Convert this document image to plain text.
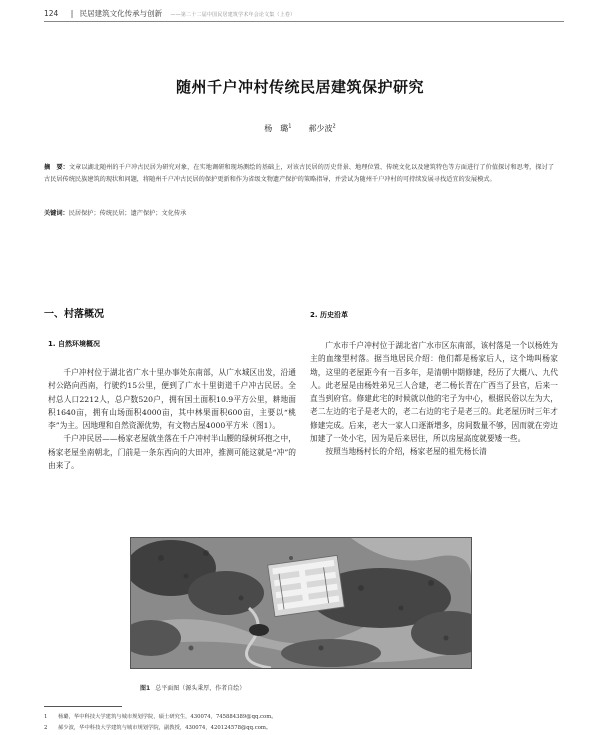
124 | 民居建筑文化传承与创新 ——第二十二届中国民居建筑学术年会论文集（上卷）
随州千户冲村传统民居建筑保护研究
杨　璐$^1$ 郝少波$^2$
摘　要：文章以湖北随州的千户冲古民居为研究对象，在实地调研和现场测绘的基础上，对该古民居的历史背景、地理位置、传统文化以及建筑特色等方面进行了价值探讨和思考，探讨了古民居传统民族建筑的现状和问题，将随州千户冲古民居的保护更新和作为省级文物遗产保护的策略指导，并尝试为随州千户冲村的可持续发展寻找适宜的发展模式。
关键词：民居保护；传统民居；遗产保护；文化传承
一、村落概况
1. 自然环境概况

千户冲村位于湖北省广水十里办事处东南部，从广水城区出发，沿通村公路向西南，行驶约15公里，便到了广水十里街道千户冲古民居。全村总人口2212人，总户数520户，拥有国土面积10.9平方公里，耕地面积1640亩，拥有山场面积4000亩，其中林果面积600亩，主要以“桃李”为主。因地理和自然资源优势，有文物古屋4000平方米（图1）。

千户冲民居——杨家老屋就坐落在千户冲村半山腰的绿树环抱之中，杨家老屋坐南朝北，门前是一条东西向的大田冲，推测可能这就是“冲”的由来了。

2. 历史沿革

广水市千户冲村位于湖北省广水市区东南部，该村落是一个以杨姓为主的血缘型村落。据当地居民介绍：他们都是杨家后人，这个坳叫杨家坳，这里的老屋距今有一百多年，是清朝中期修建，经历了大概八、九代人。此老屋是由杨姓弟兄三人合建，老二杨长青在广西当了县官，后来一直当到府官。修建此宅的时候就以他的宅子为中心，根据民俗以左为大，老二左边的宅子是老大的，老二右边的宅子是老三的。此老屋历时三年才修建完成。后来，老大一家人口逐渐增多，房间数量不够，因而就在旁边加建了一处小宅，因为是后来居住，所以房屋高度就要矮一些。

按照当地杨村长的介绍，杨家老屋的祖先杨长清

图1 总平面图（源头秉厚，作者自绘）
1 杨璐，华中科技大学建筑与城市规划学院，硕士研究生，430074，745884389@qq.com。
2 郝少波，华中科技大学建筑与城市规划学院，副教授，430074，420124578@qq.com。
